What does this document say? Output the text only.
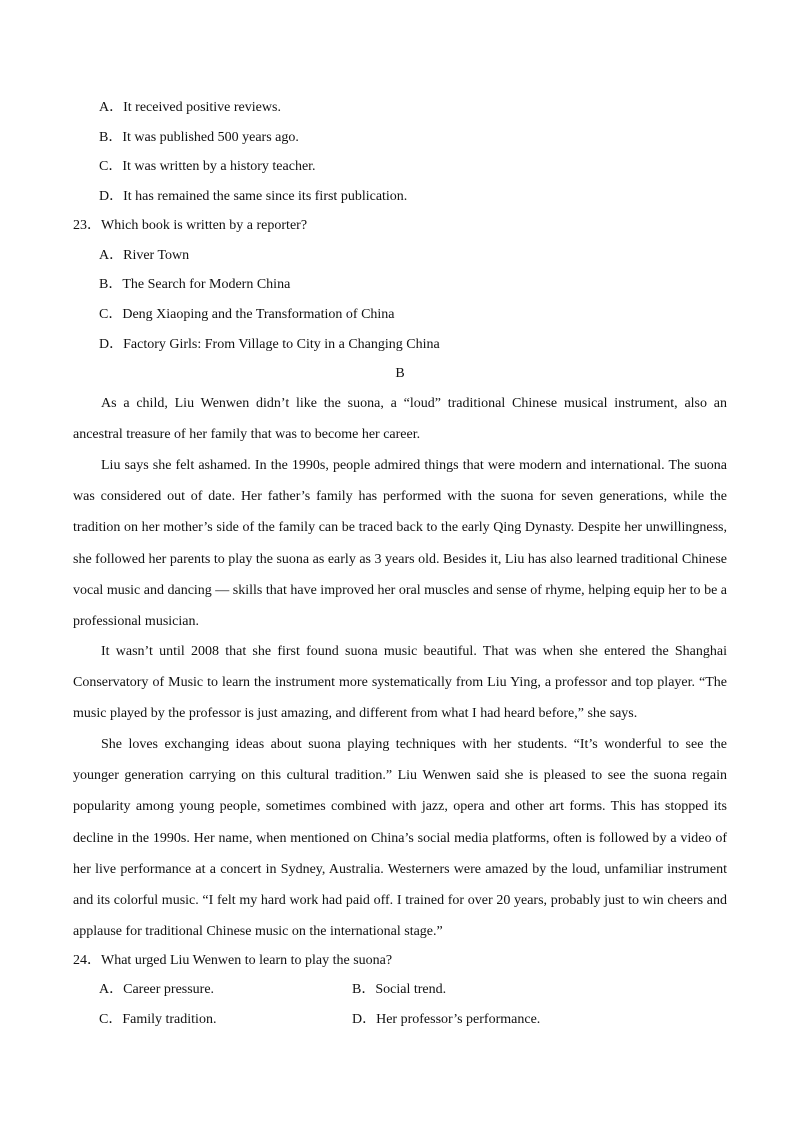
A．It received positive reviews.
B．It was published 500 years ago.
C．It was written by a history teacher.
D．It has remained the same since its first publication.
23．Which book is written by a reporter?
A．River Town
B．The Search for Modern China
C．Deng Xiaoping and the Transformation of China
D．Factory Girls: From Village to City in a Changing China
B

As a child, Liu Wenwen didn’t like the suona, a “loud” traditional Chinese musical instrument, also an ancestral treasure of her family that was to become her career.

Liu says she felt ashamed. In the 1990s, people admired things that were modern and international. The suona was considered out of date. Her father’s family has performed with the suona for seven generations, while the tradition on her mother’s side of the family can be traced back to the early Qing Dynasty. Despite her unwillingness, she followed her parents to play the suona as early as 3 years old. Besides it, Liu has also learned traditional Chinese vocal music and dancing — skills that have improved her oral muscles and sense of rhyme, helping equip her to be a professional musician.

It wasn’t until 2008 that she first found suona music beautiful. That was when she entered the Shanghai Conservatory of Music to learn the instrument more systematically from Liu Ying, a professor and top player. “The music played by the professor is just amazing, and different from what I had heard before,” she says.

She loves exchanging ideas about suona playing techniques with her students. “It’s wonderful to see the younger generation carrying on this cultural tradition.” Liu Wenwen said she is pleased to see the suona regain popularity among young people, sometimes combined with jazz, opera and other art forms. This has stopped its decline in the 1990s. Her name, when mentioned on China’s social media platforms, often is followed by a video of her live performance at a concert in Sydney, Australia. Westerners were amazed by the loud, unfamiliar instrument and its colorful music. “I felt my hard work had paid off. I trained for over 20 years, probably just to win cheers and applause for traditional Chinese music on the international stage.”

24．What urged Liu Wenwen to learn to play the suona?
A．Career pressure.	B．Social trend.
C．Family tradition.	D．Her professor’s performance.
